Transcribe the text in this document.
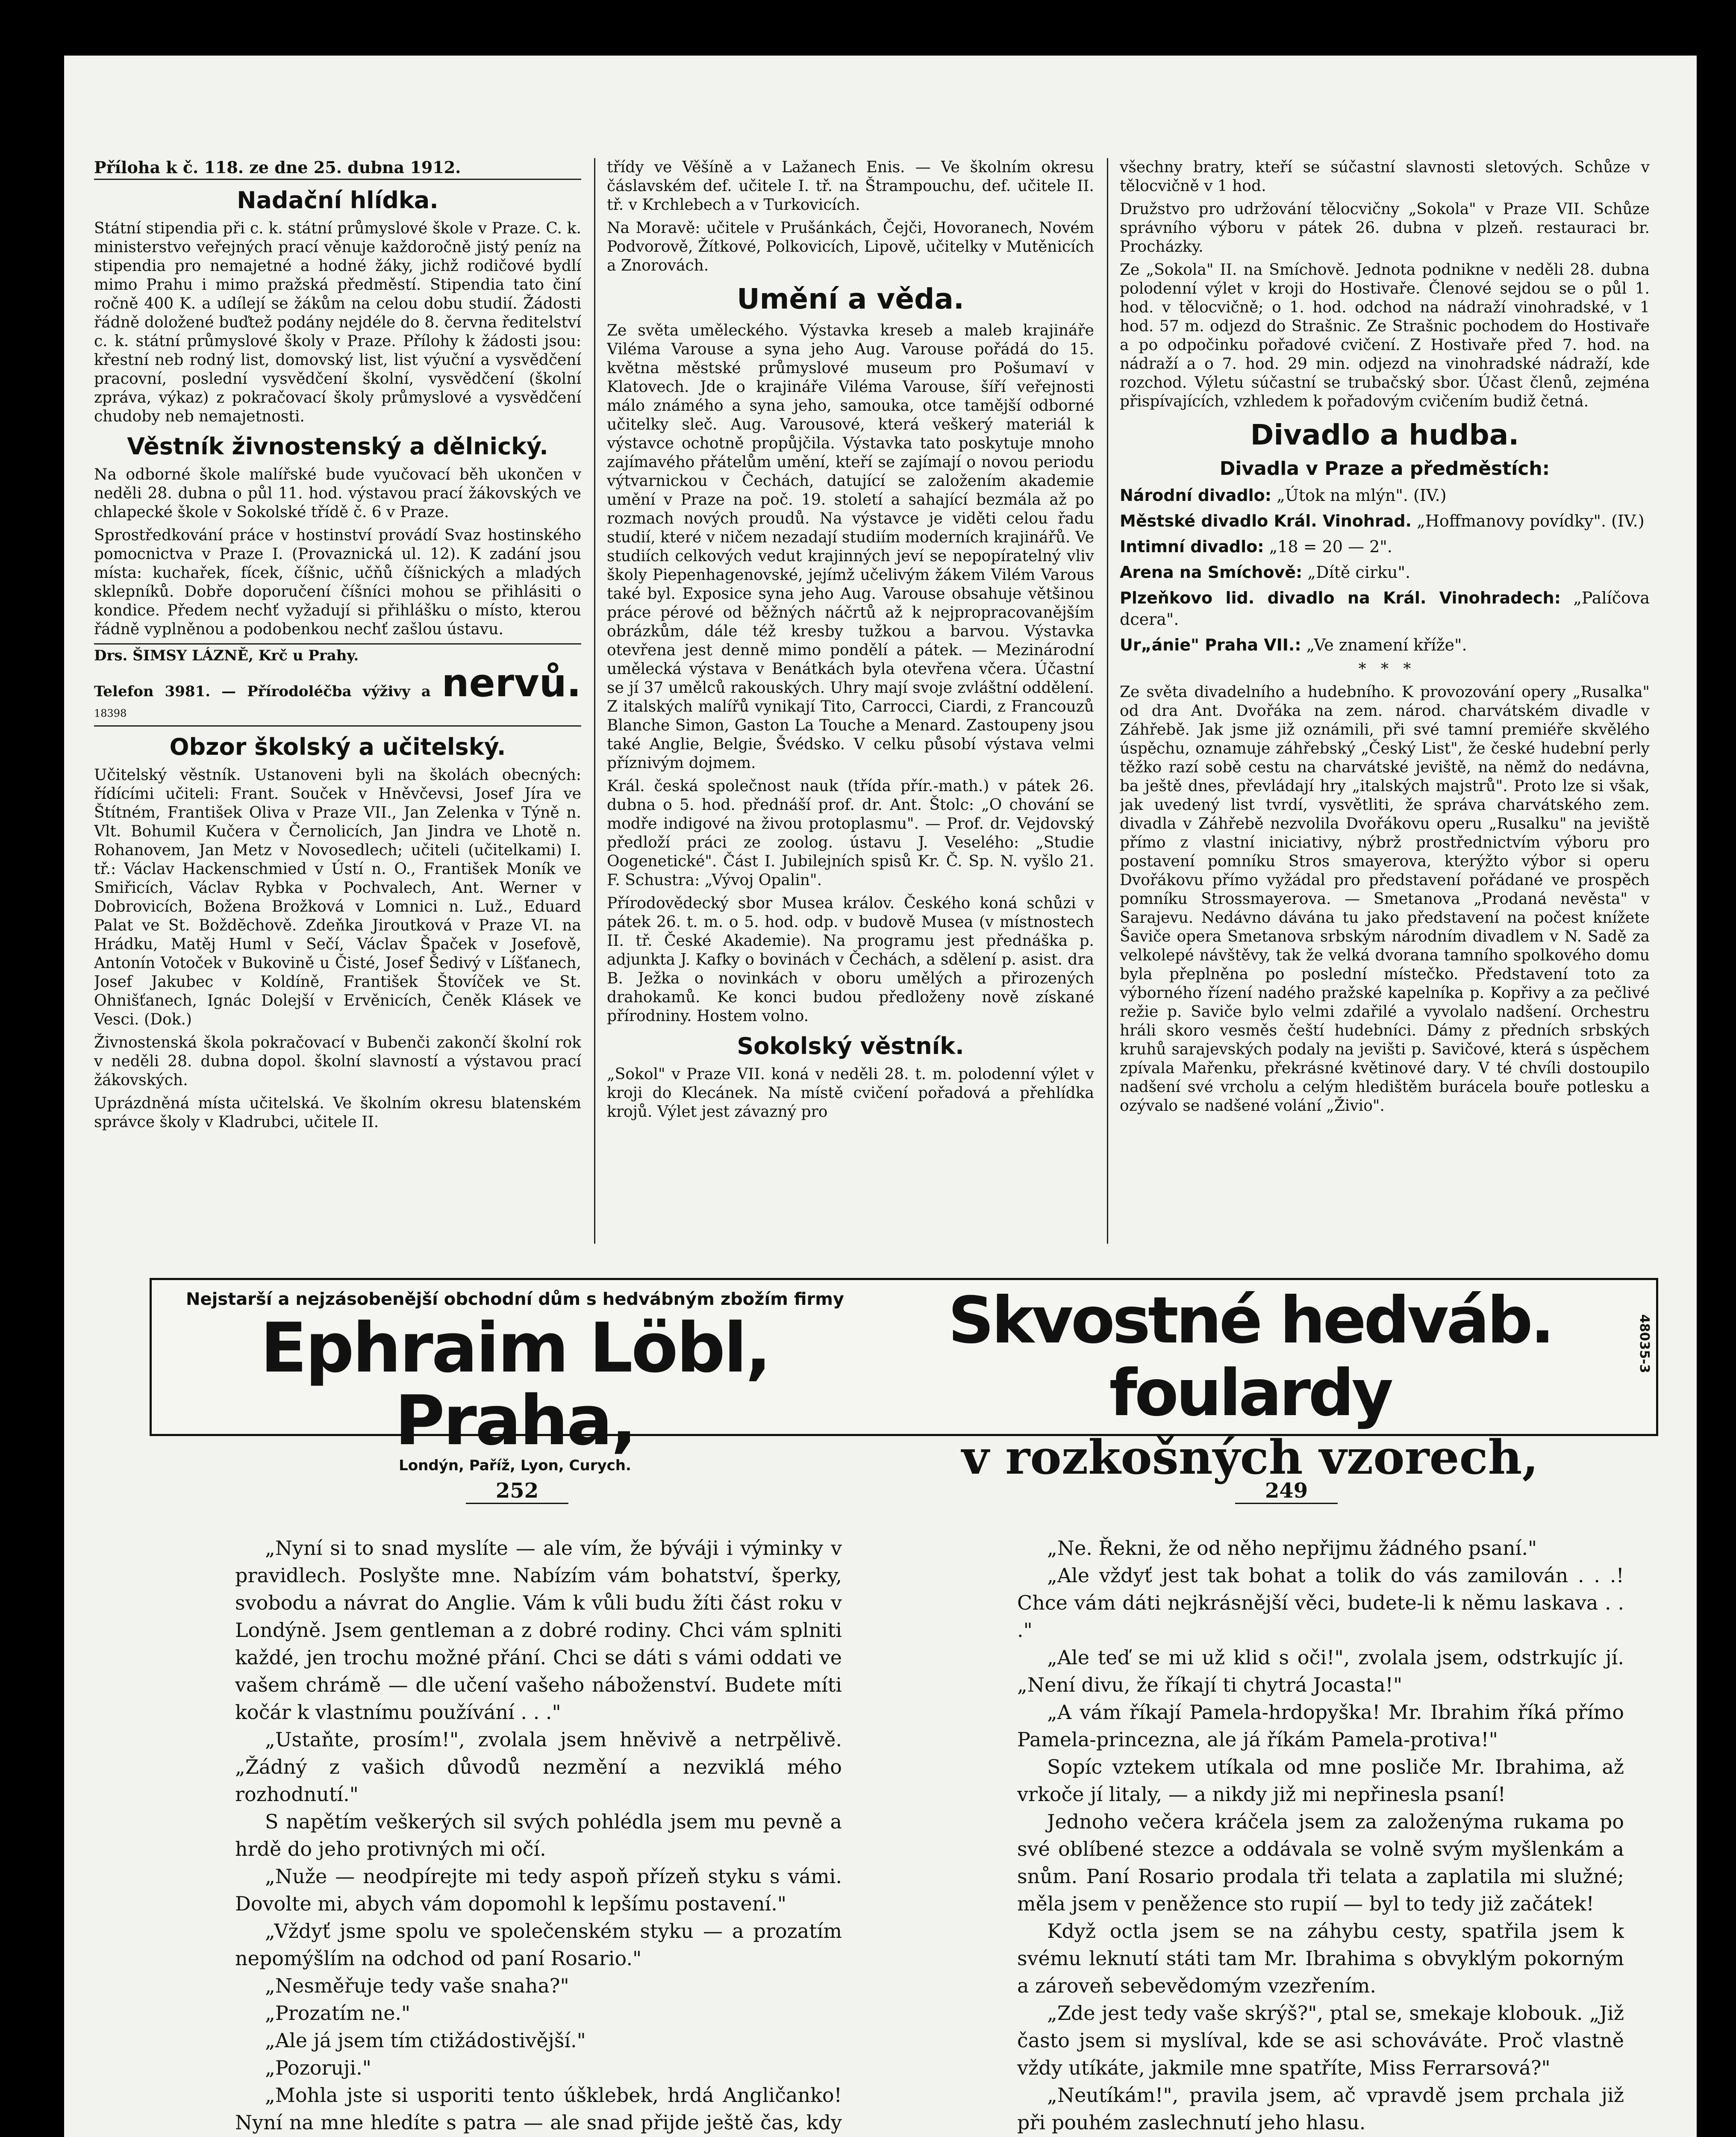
Příloha k č. 118. ze dne 25. dubna 1912.
Nadační hlídka.

Státní stipendia při c. k. státní průmyslové škole v Praze. C. k. ministerstvo veřejných prací věnuje každoročně jistý peníz na stipendia pro nemajetné a hodné žáky, jichž rodičové bydlí mimo Prahu i mimo pražská předměstí. Stipendia tato činí ročně 400 K. a udílejí se žákům na celou dobu studií. Žádosti řádně doložené buďtež podány nejdéle do 8. června ředitelství c. k. státní průmyslové školy v Praze. Přílohy k žádosti jsou: křestní neb rodný list, domovský list, list výuční a vysvědčení pracovní, poslední vysvědčení školní, vysvědčení (školní zpráva, výkaz) z pokračovací školy průmyslové a vysvědčení chudoby neb nemajetnosti.

Věstník živnostenský a dělnický.

Na odborné škole malířské bude vyučovací běh ukončen v neděli 28. dubna o půl 11. hod. výstavou prací žákovských ve chlapecké škole v Sokolské třídě č. 6 v Praze.

Sprostředkování práce v hostinství provádí Svaz hostinského pomocnictva v Praze I. (Provaznická ul. 12). K zadání jsou místa: kuchařek, fícek, číšnic, učňů číšnických a mladých sklepníků. Dobře doporučení číšníci mohou se přihlásiti o kondice. Předem nechť vyžadují si přihlášku o místo, kterou řádně vyplněnou a podobenkou nechť zašlou ústavu.

Drs. ŠIMSY LÁZNĚ, Krč u Prahy.
Telefon 3981. — Přírodoléčba výživy a nervů. 18398
Obzor školský a učitelský.

Učitelský věstník. Ustanoveni byli na školách obecných: řídícími učiteli: Frant. Souček v Hněvčevsi, Josef Jíra ve Štítném, František Oliva v Praze VII., Jan Zelenka v Týně n. Vlt. Bohumil Kučera v Černolicích, Jan Jindra ve Lhotě n. Rohanovem, Jan Metz v Novosedlech; učiteli (učitelkami) I. tř.: Václav Hackenschmied v Ústí n. O., František Moník ve Smiřicích, Václav Rybka v Pochvalech, Ant. Werner v Dobrovicích, Božena Brožková v Lomnici n. Luž., Eduard Palat ve St. Boždĕchově. Zdeňka Jiroutková v Praze VI. na Hrádku, Matěj Huml v Sečí, Václav Špaček v Josefově, Antonín Votoček v Bukovině u Čisté, Josef Šedivý v Líšťanech, Josef Jakubec v Koldíně, František Štovíček ve St. Ohnišťanech, Ignác Dolejší v Ervěnicích, Čeněk Klásek ve Vesci. (Dok.)

Živnostenská škola pokračovací v Bubenči zakončí školní rok v neděli 28. dubna dopol. školní slavností a výstavou prací žákovských.

Uprázdněná místa učitelská. Ve školním okresu blatenském správce školy v Kladrubci, učitele II.

třídy ve Věšíně a v Lažanech Enis. — Ve školním okresu čáslavském def. učitele I. tř. na Štrampouchu, def. učitele II. tř. v Krchlebech a v Turkovicích.

Na Moravě: učitele v Prušánkách, Čejči, Hovoranech, Novém Podvorově, Žítkové, Polkovicích, Lipově, učitelky v Mutěnicích a Znorovách.

Umění a věda.

Ze světa uměleckého. Výstavka kreseb a maleb krajináře Viléma Varouse a syna jeho Aug. Varouse pořádá do 15. května městské průmyslové museum pro Pošumaví v Klatovech. Jde o krajináře Viléma Varouse, šíří veřejnosti málo známého a syna jeho, samouka, otce tamější odborné učitelky sleč. Aug. Varousové, která veškerý materiál k výstavce ochotně propůjčila. Výstavka tato poskytuje mnoho zajímavého přátelům umění, kteří se zajímají o novou periodu výtvarnickou v Čechách, datující se založením akademie umění v Praze na poč. 19. století a sahající bezmála až po rozmach nových proudů. Na výstavce je viděti celou řadu studií, které v ničem nezadají studiím moderních krajinářů. Ve studiích celkových vedut krajinných jeví se nepopíratelný vliv školy Piepenhagenovské, jejímž učelivým žákem Vilém Varous také byl. Exposice syna jeho Aug. Varouse obsahuje většinou práce pérové od běžných náčrtů až k nejpropracovanějším obrázkům, dále též kresby tužkou a barvou. Výstavka otevřena jest denně mimo pondělí a pátek. — Mezinárodní umělecká výstava v Benátkách byla otevřena včera. Účastní se jí 37 umělců rakouských. Uhry mají svoje zvláštní oddělení. Z italských malířů vynikají Tito, Carrocci, Ciardi, z Francouzů Blanche Simon, Gaston La Touche a Menard. Zastoupeny jsou také Anglie, Belgie, Švédsko. V celku působí výstava velmi příznivým dojmem.

Král. česká společnost nauk (třída přír.-math.) v pátek 26. dubna o 5. hod. přednáší prof. dr. Ant. Štolc: „O chování se modře indigové na živou protoplasmu". — Prof. dr. Vejdovský předloží práci ze zoolog. ústavu J. Veselého: „Studie Oogenetické". Část I. Jubilejních spisů Kr. Č. Sp. N. vyšlo 21. F. Schustra: „Vývoj Opalin".

Přírodovědecký sbor Musea králov. Českého koná schůzi v pátek 26. t. m. o 5. hod. odp. v budově Musea (v místnostech II. tř. České Akademie). Na programu jest přednáška p. adjunkta J. Kafky o bovinách v Čechách, a sdělení p. asist. dra B. Ježka o novinkách v oboru umělých a přirozených drahokamů. Ke konci budou předloženy nově získané přírodniny. Hostem volno.

Sokolský věstník.

„Sokol" v Praze VII. koná v neděli 28. t. m. polodenní výlet v kroji do Klecánek. Na místě cvičení pořadová a přehlídka krojů. Výlet jest závazný pro

všechny bratry, kteří se súčastní slavnosti sletových. Schůze v tělocvičně v 1 hod.

Družstvo pro udržování tělocvičny „Sokola" v Praze VII. Schůze správního výboru v pátek 26. dubna v plzeň. restauraci br. Procházky.

Ze „Sokola" II. na Smíchově. Jednota podnikne v neděli 28. dubna polodenní výlet v kroji do Hostivaře. Členové sejdou se o půl 1. hod. v tělocvičně; o 1. hod. odchod na nádraží vinohradské, v 1 hod. 57 m. odjezd do Strašnic. Ze Strašnic pochodem do Hostivaře a po odpočinku pořadové cvičení. Z Hostivaře před 7. hod. na nádraží a o 7. hod. 29 min. odjezd na vinohradské nádraží, kde rozchod. Výletu súčastní se trubačský sbor. Účast členů, zejména přispívajících, vzhledem k pořadovým cvičením budiž četná.

Divadlo a hudba.
Divadla v Praze a předměstích:

Národní divadlo: „Útok na mlýn". (IV.)

Městské divadlo Král. Vinohrad. „Hoffmanovy povídky". (IV.)

Intimní divadlo: „18 = 20 — 2".

Arena na Smíchově: „Dítě cirku".

Plzeňkovo lid. divadlo na Král. Vinohradech: „Palíčova dcera".

Ur„ánie" Praha VII.: „Ve znamení kříže".

*   *   *

Ze světa divadelního a hudebního. K provozování opery „Rusalka" od dra Ant. Dvořáka na zem. národ. charvátském divadle v Záhřebě. Jak jsme již oznámili, při své tamní premiéře skvělého úspěchu, oznamuje záhřebský „Český List", že české hudební perly těžko razí sobě cestu na charvátské jeviště, na němž do nedávna, ba ještě dnes, převládají hry „italských majstrů". Proto lze si však, jak uvedený list tvrdí, vysvětliti, že správa charvátského zem. divadla v Záhřebě nezvolila Dvořákovu operu „Rusalku" na jeviště přímo z vlastní iniciativy, nýbrž prostřednictvím výboru pro postavení pomníku Stros smayerova, kterýžto výbor si operu Dvořákovu přímo vyžádal pro představení pořádané ve prospěch pomníku Strossmayerova. — Smetanova „Prodaná nevěsta" v Sarajevu. Nedávno dávána tu jako představení na počest knížete Šaviče opera Smetanova srbským národním divadlem v N. Sadě za velkolepé návštěvy, tak že velká dvorana tamního spolkového domu byla přeplněna po poslední místečko. Představení toto za výborného řízení nadého pražské kapelníka p. Kopřivy a za pečlivé režie p. Saviče bylo velmi zdařilé a vyvolalo nadšení. Orchestru hráli skoro vesměs čeští hudebníci. Dámy z předních srbských kruhů sarajevských podaly na jevišti p. Savičové, která s úspěchem zpívala Mařenku, překrásné květinové dary. V té chvíli dostoupilo nadšení své vrcholu a celým hledištěm burácela bouře potlesku a ozývalo se nadšené volání „Živio".

Nejstarší a nejzásobenější obchodní dům s hedvábným zbožím firmy
Ephraim Löbl, Praha,
Londýn, Paříž, Lyon, Curych.
Skvostné hedváb. foulardy
v rozkošných vzorech,
48035-3
252	249

„Nyní si to snad myslíte — ale vím, že býváji i výminky v pravidlech. Poslyšte mne. Nabízím vám bohatství, šperky, svobodu a návrat do Anglie. Vám k vůli budu žíti část roku v Londýně. Jsem gentleman a z dobré rodiny. Chci vám splniti každé, jen trochu možné přání. Chci se dáti s vámi oddati ve vašem chrámě — dle učení vašeho náboženství. Budete míti kočár k vlastnímu používání . . ."

„Ustaňte, prosím!", zvolala jsem hněvivě a netrpělivě. „Žádný z vašich důvodů nezmění a nezviklá mého rozhodnutí."

S napětím veškerých sil svých pohlédla jsem mu pevně a hrdě do jeho protivných mi očí.

„Nuže — neodpírejte mi tedy aspoň přízeň styku s vámi. Dovolte mi, abych vám dopomohl k lepšímu postavení."

„Vždyť jsme spolu ve společenském styku — a prozatím nepomýšlím na odchod od paní Rosario."

„Nesměřuje tedy vaše snaha?"

„Prozatím ne."

„Ale já jsem tím ctižádostivější."

„Pozoruji."

„Mohla jste si usporiti tento úšklebek, hrdá Angličanko! Nyní na mne hledíte s patra — ale snad přijde ještě čas, kdy

„Ne. Řekni, že od něho nepřijmu žádného psaní."

„Ale vždyť jest tak bohat a tolik do vás zamilován . . .! Chce vám dáti nejkrásnější věci, budete-li k němu laskava . . ."

„Ale teď se mi už klid s oči!", zvolala jsem, odstrkujíc jí. „Není divu, že říkají ti chytrá Jocasta!"

„A vám říkají Pamela-hrdopyška! Mr. Ibrahim říká přímo Pamela-princezna, ale já říkám Pamela-protiva!"

Sopíc vztekem utíkala od mne posliče Mr. Ibrahima, až vrkoče jí litaly, — a nikdy již mi nepřinesla psaní!

Jednoho večera kráčela jsem za založenýma rukama po své oblíbené stezce a oddávala se volně svým myšlenkám a snům. Paní Rosario prodala tři telata a zaplatila mi služné; měla jsem v peněžence sto rupií — byl to tedy již začátek!

Když octla jsem se na záhybu cesty, spatřila jsem k svému leknutí státi tam Mr. Ibrahima s obvyklým pokorným a zároveň sebevědomým vzezřením.

„Zde jest tedy vaše skrýš?", ptal se, smekaje klobouk. „Již často jsem si myslíval, kde se asi schováváte. Proč vlastně vždy utíkáte, jakmile mne spatříte, Miss Ferrarsová?"

„Neutíkám!", pravila jsem, ač vpravdě jsem prchala již při pouhém zaslechnutí jeho hlasu.
